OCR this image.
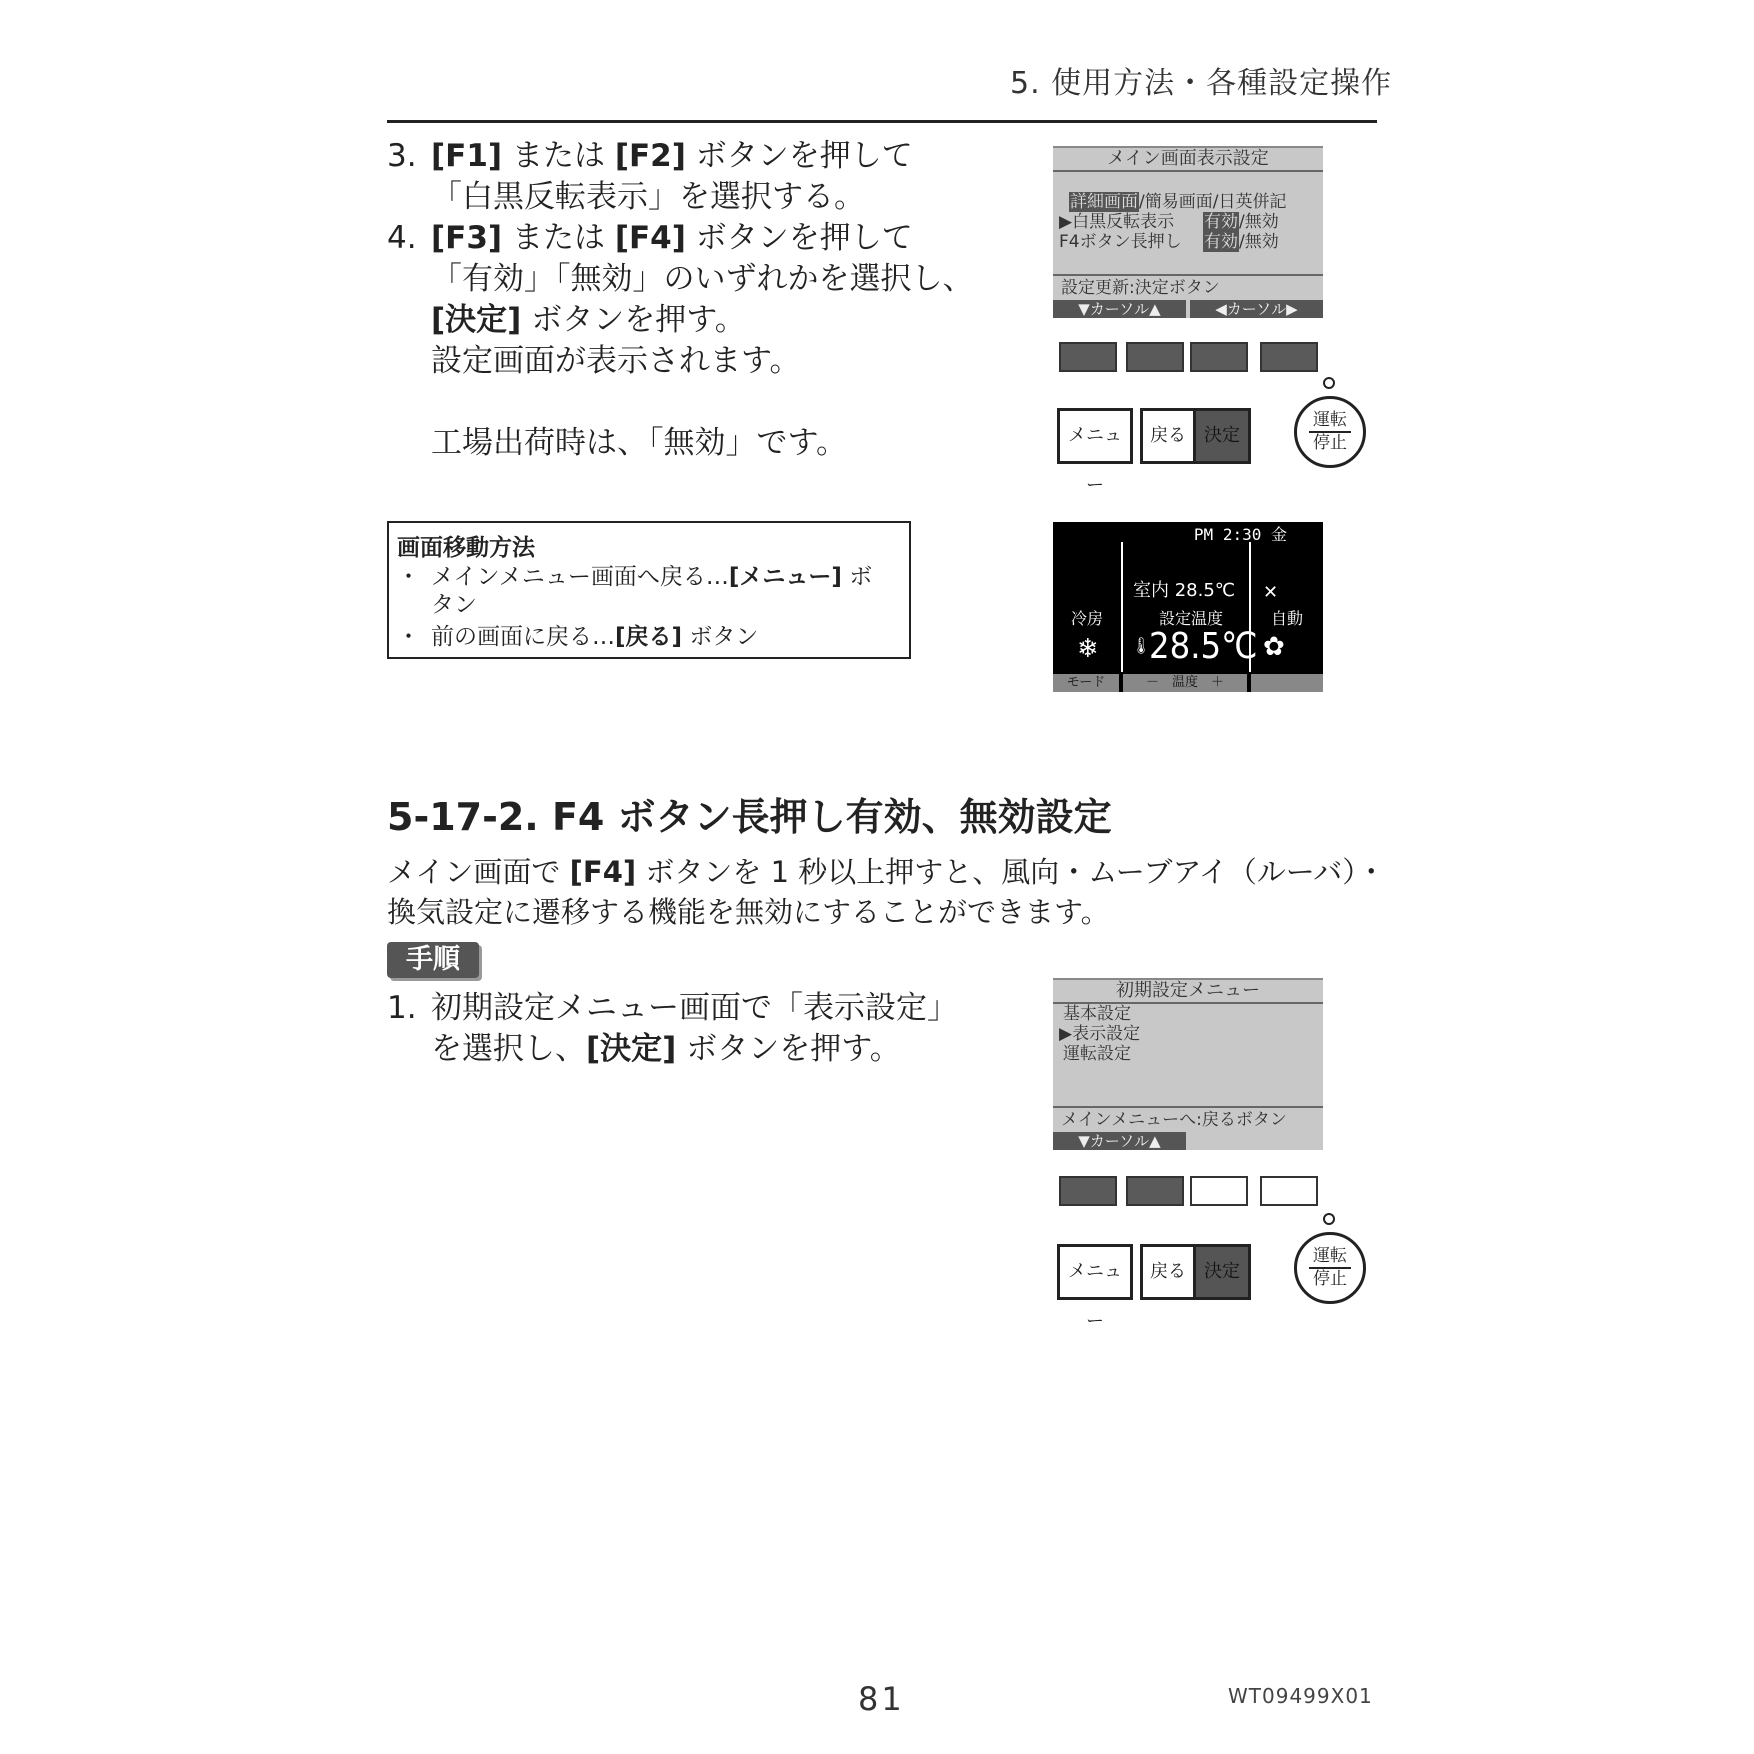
5. 使用方法・各種設定操作
3. [F1] または [F2] ボタンを押して
「白黒反転表示」を選択する。
4. [F3] または [F4] ボタンを押して
「有効」「無効」のいずれかを選択し、
[決定] ボタンを押す。
設定画面が表示されます。
工場出荷時は、「無効」です。
メイン画面表示設定
詳細画面/簡易画面/日英併記
▶白黒反転表示 有効/無効
F4ボタン長押し 有効/無効
設定更新:決定ボタン
▼カーソル▲	◀カーソル▶
メニュー
戻る	決定
運転
停止
画面移動方法
・ メインメニュー画面へ戻る…[メニュー] ボ
タン
・ 前の画面に戻る…[戻る] ボタン
PM 2:30 金
室内 28.5℃
冷房
❄
設定温度
🌡
28.5℃
✕
自動
✿
モード	－　温度　＋
5-17-2. F4 ボタン長押し有効、無効設定
メイン画面で [F4] ボタンを 1 秒以上押すと、風向・ムーブアイ（ルーバ）・
換気設定に遷移する機能を無効にすることができます。
手順
1. 初期設定メニュー画面で「表示設定」
を選択し、[決定] ボタンを押す。
初期設定メニュー
基本設定
▶表示設定
運転設定
メインメニューへ:戻るボタン
▼カーソル▲
メニュー
戻る	決定
運転
停止
81	WT09499X01
